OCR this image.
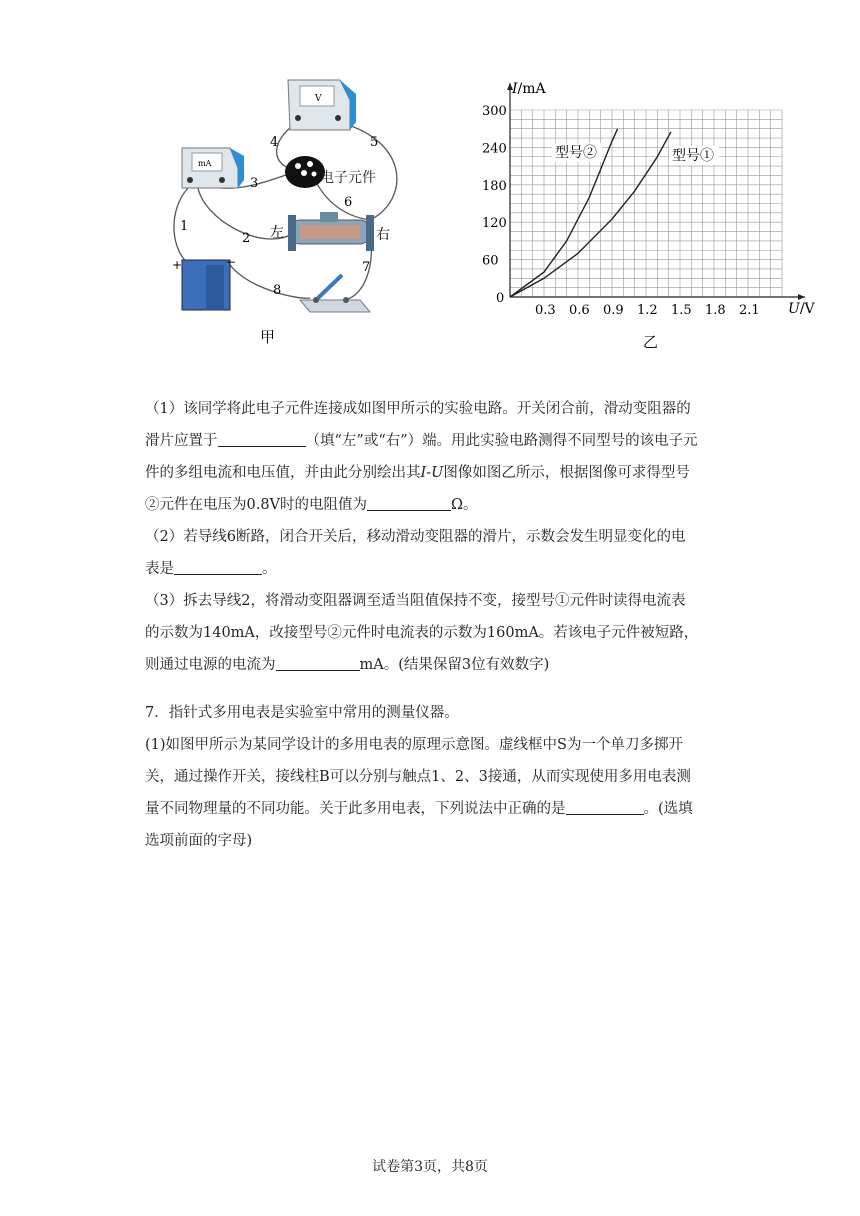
V
mA
电子元件
左	右
+	−
1
2
3
4	5
6
7
8
甲
0.3 0.6 0.9 1.2 1.5 1.8 2.1
60
120
180
240
300
型号②	型号①
I/mA
U/V
0
乙

（1）该同学将此电子元件连接成如图甲所示的实验电路。开关闭合前，滑动变阻器的

滑片应置于	（填“左”或“右”）端。用此实验电路测得不同型号的该电子元

件的多组电流和电压值，并由此分别绘出其I-U图像如图乙所示，根据图像可求得型号

②元件在电压为0.8V时的电阻值为	Ω。

（2）若导线6断路，闭合开关后，移动滑动变阻器的滑片，示数会发生明显变化的电

表是	。

（3）拆去导线2，将滑动变阻器调至适当阻值保持不变，接型号①元件时读得电流表

的示数为140mA，改接型号②元件时电流表的示数为160mA。若该电子元件被短路，

则通过电源的电流为	mA。(结果保留3位有效数字)

7．指针式多用电表是实验室中常用的测量仪器。

(1)如图甲所示为某同学设计的多用电表的原理示意图。虚线框中S为一个单刀多掷开

关，通过操作开关，接线柱B可以分别与触点1、2、3接通，从而实现使用多用电表测

量不同物理量的不同功能。关于此多用电表，下列说法中正确的是	。(选填

选项前面的字母)

试卷第3页，共8页
